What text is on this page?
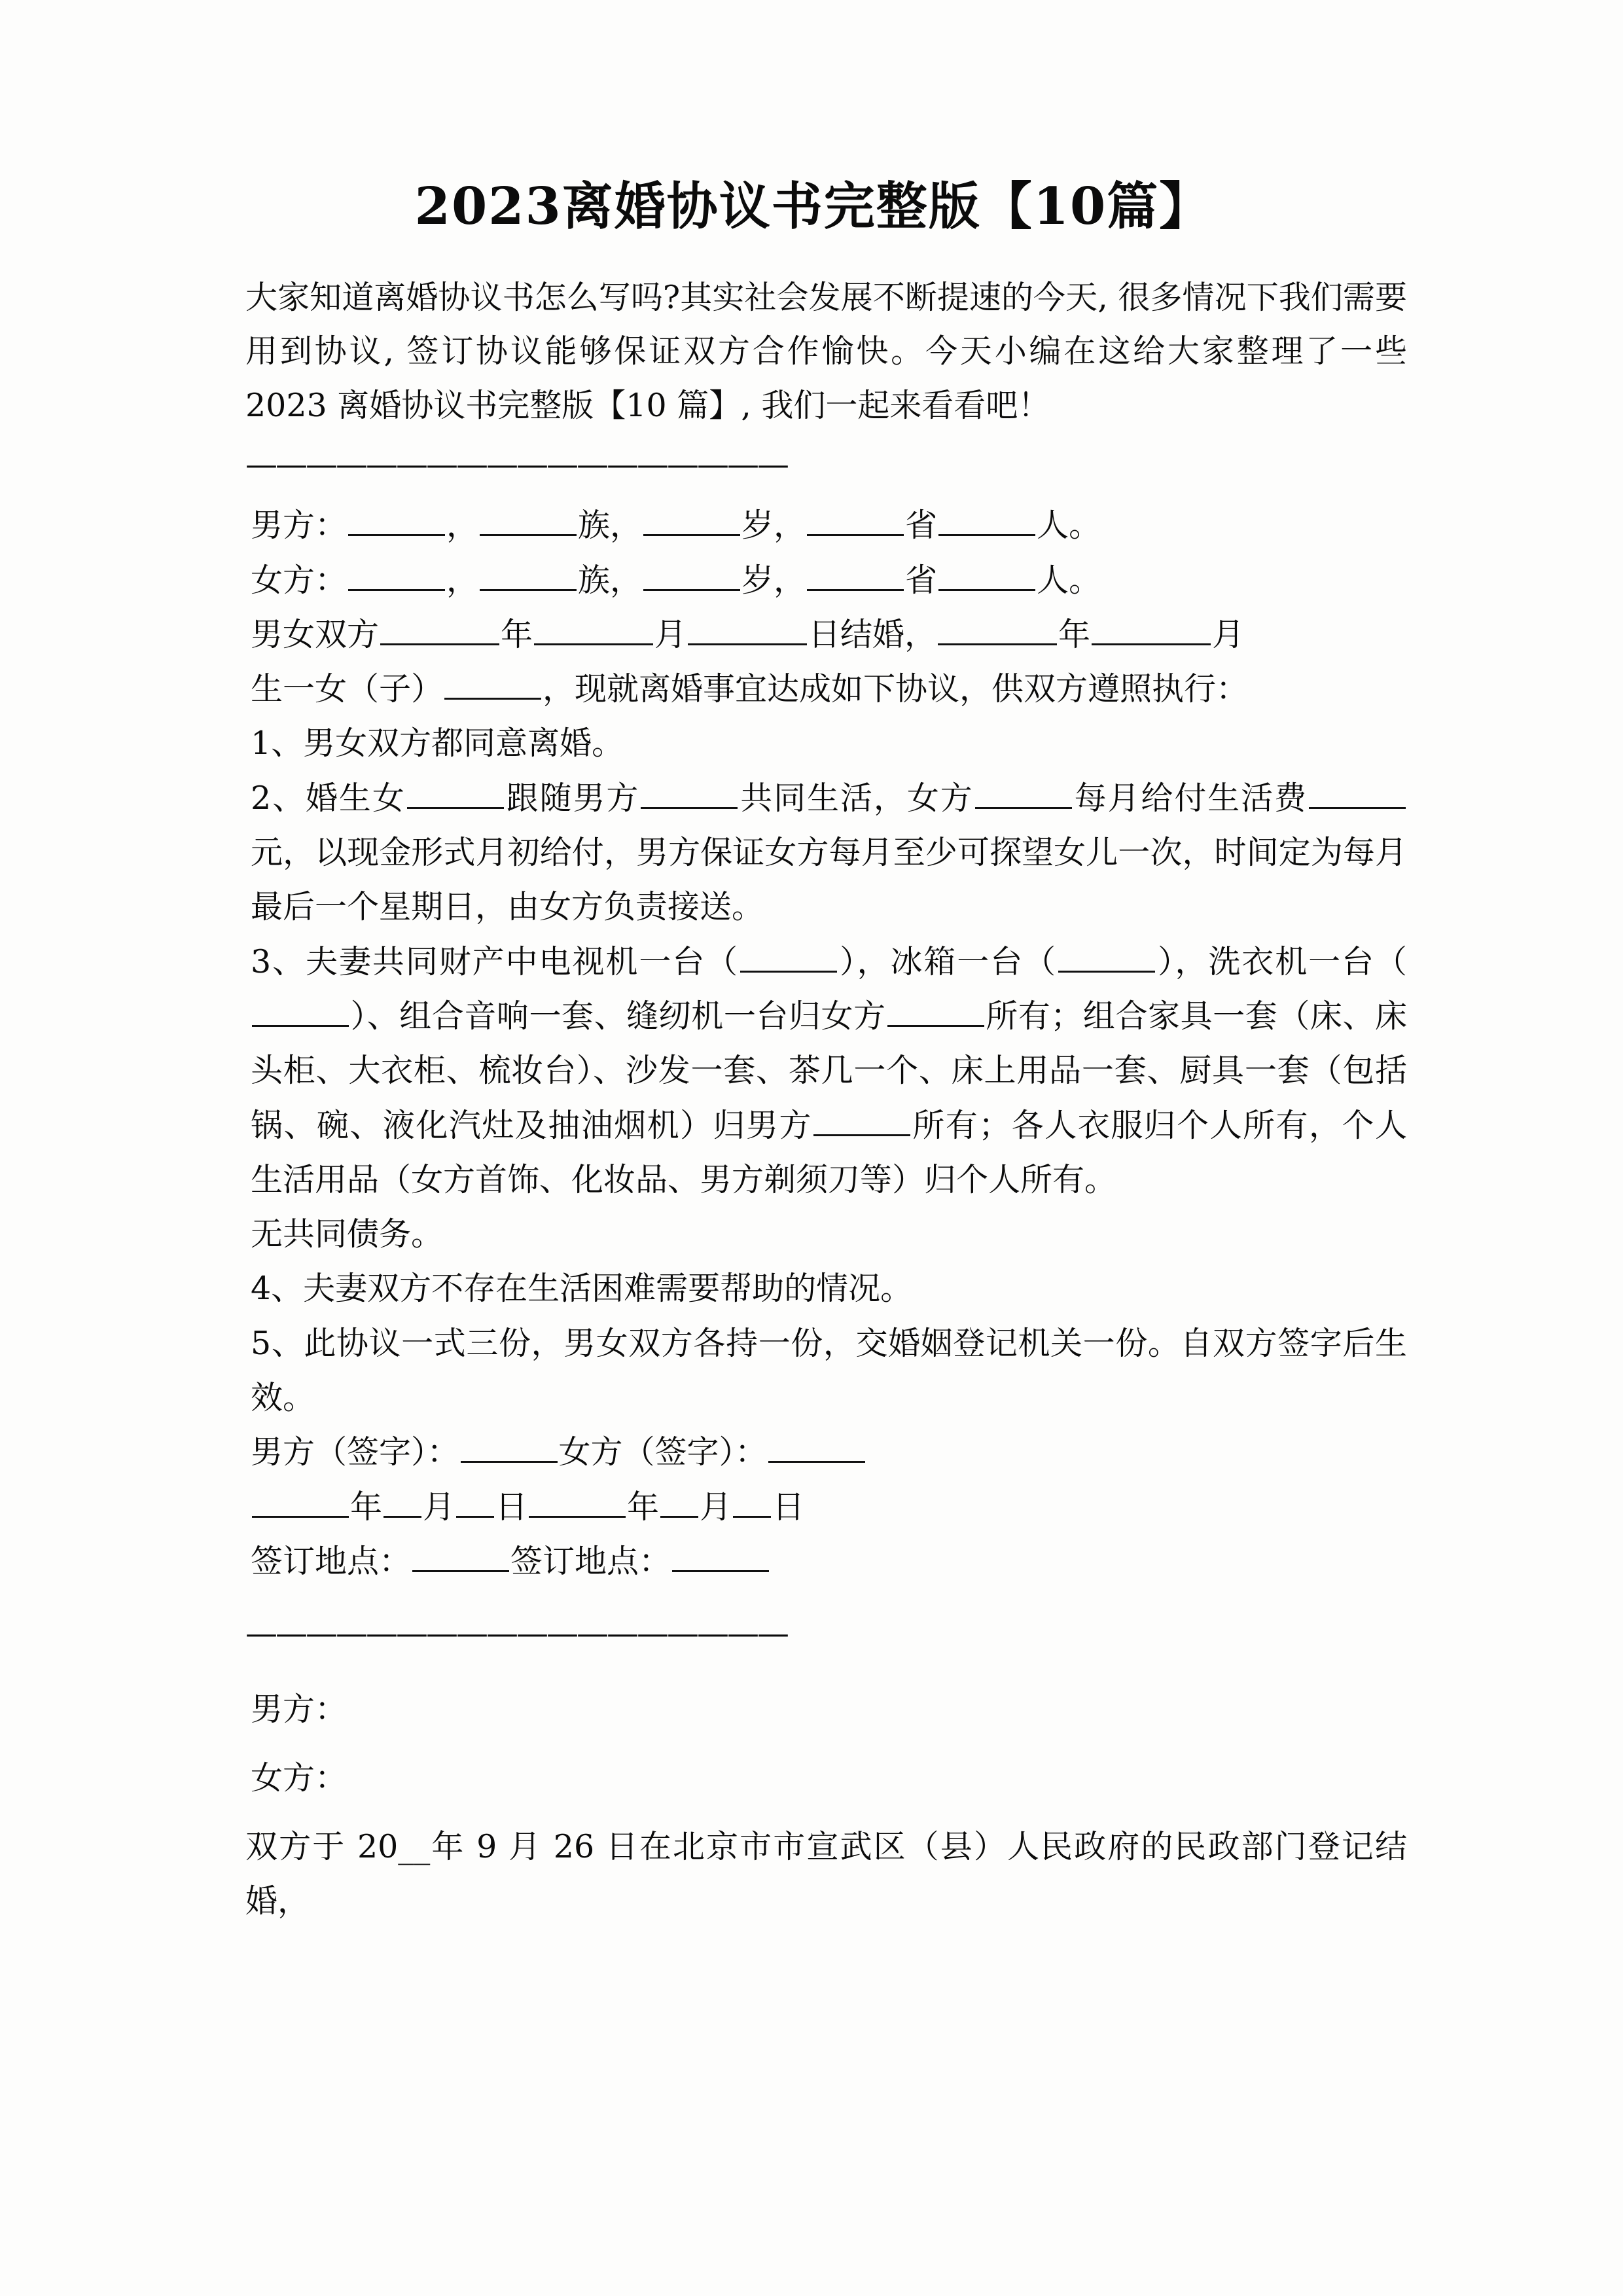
2023离婚协议书完整版【10篇】

大家知道离婚协议书怎么写吗?其实社会发展不断提速的今天, 很多情况下我们需要用到协议, 签订协议能够保证双方合作愉快。今天小编在这给大家整理了一些 2023 离婚协议书完整版【10 篇】, 我们一起来看看吧！

——————————————————
男方：	，	族，	岁，	省	人。
女方：	，	族，	岁，	省	人。
男女双方	年	月	日结婚，	年	月
生一女（子）	，现就离婚事宜达成如下协议，供双方遵照执行：
1、男女双方都同意离婚。
2、婚生女	跟随男方	共同生活，女方	每月给付生活费元，以现金形式月初给付，男方保证女方每月至少可探望女儿一次，时间定为每月最后一个星期日，由女方负责接送。
3、夫妻共同财产中电视机一台（	），冰箱一台（	），洗衣机一台（）、组合音响一套、缝纫机一台归女方	所有；组合家具一套（床、床头柜、大衣柜、梳妆台）、沙发一套、茶几一个、床上用品一套、厨具一套（包括锅、碗、液化汽灶及抽油烟机）归男方	所有；各人衣服归个人所有，个人生活用品（女方首饰、化妆品、男方剃须刀等）归个人所有。
无共同债务。
4、夫妻双方不存在生活困难需要帮助的情况。
5、此协议一式三份，男女双方各持一份，交婚姻登记机关一份。自双方签字后生效。
男方（签字）：	女方（签字）：
年 月 日	年 月 日
签订地点：	签订地点：
——————————————————
男方：
女方：
双方于 20__年 9 月 26 日在北京市市宣武区（县）人民政府的民政部门登记结婚，
